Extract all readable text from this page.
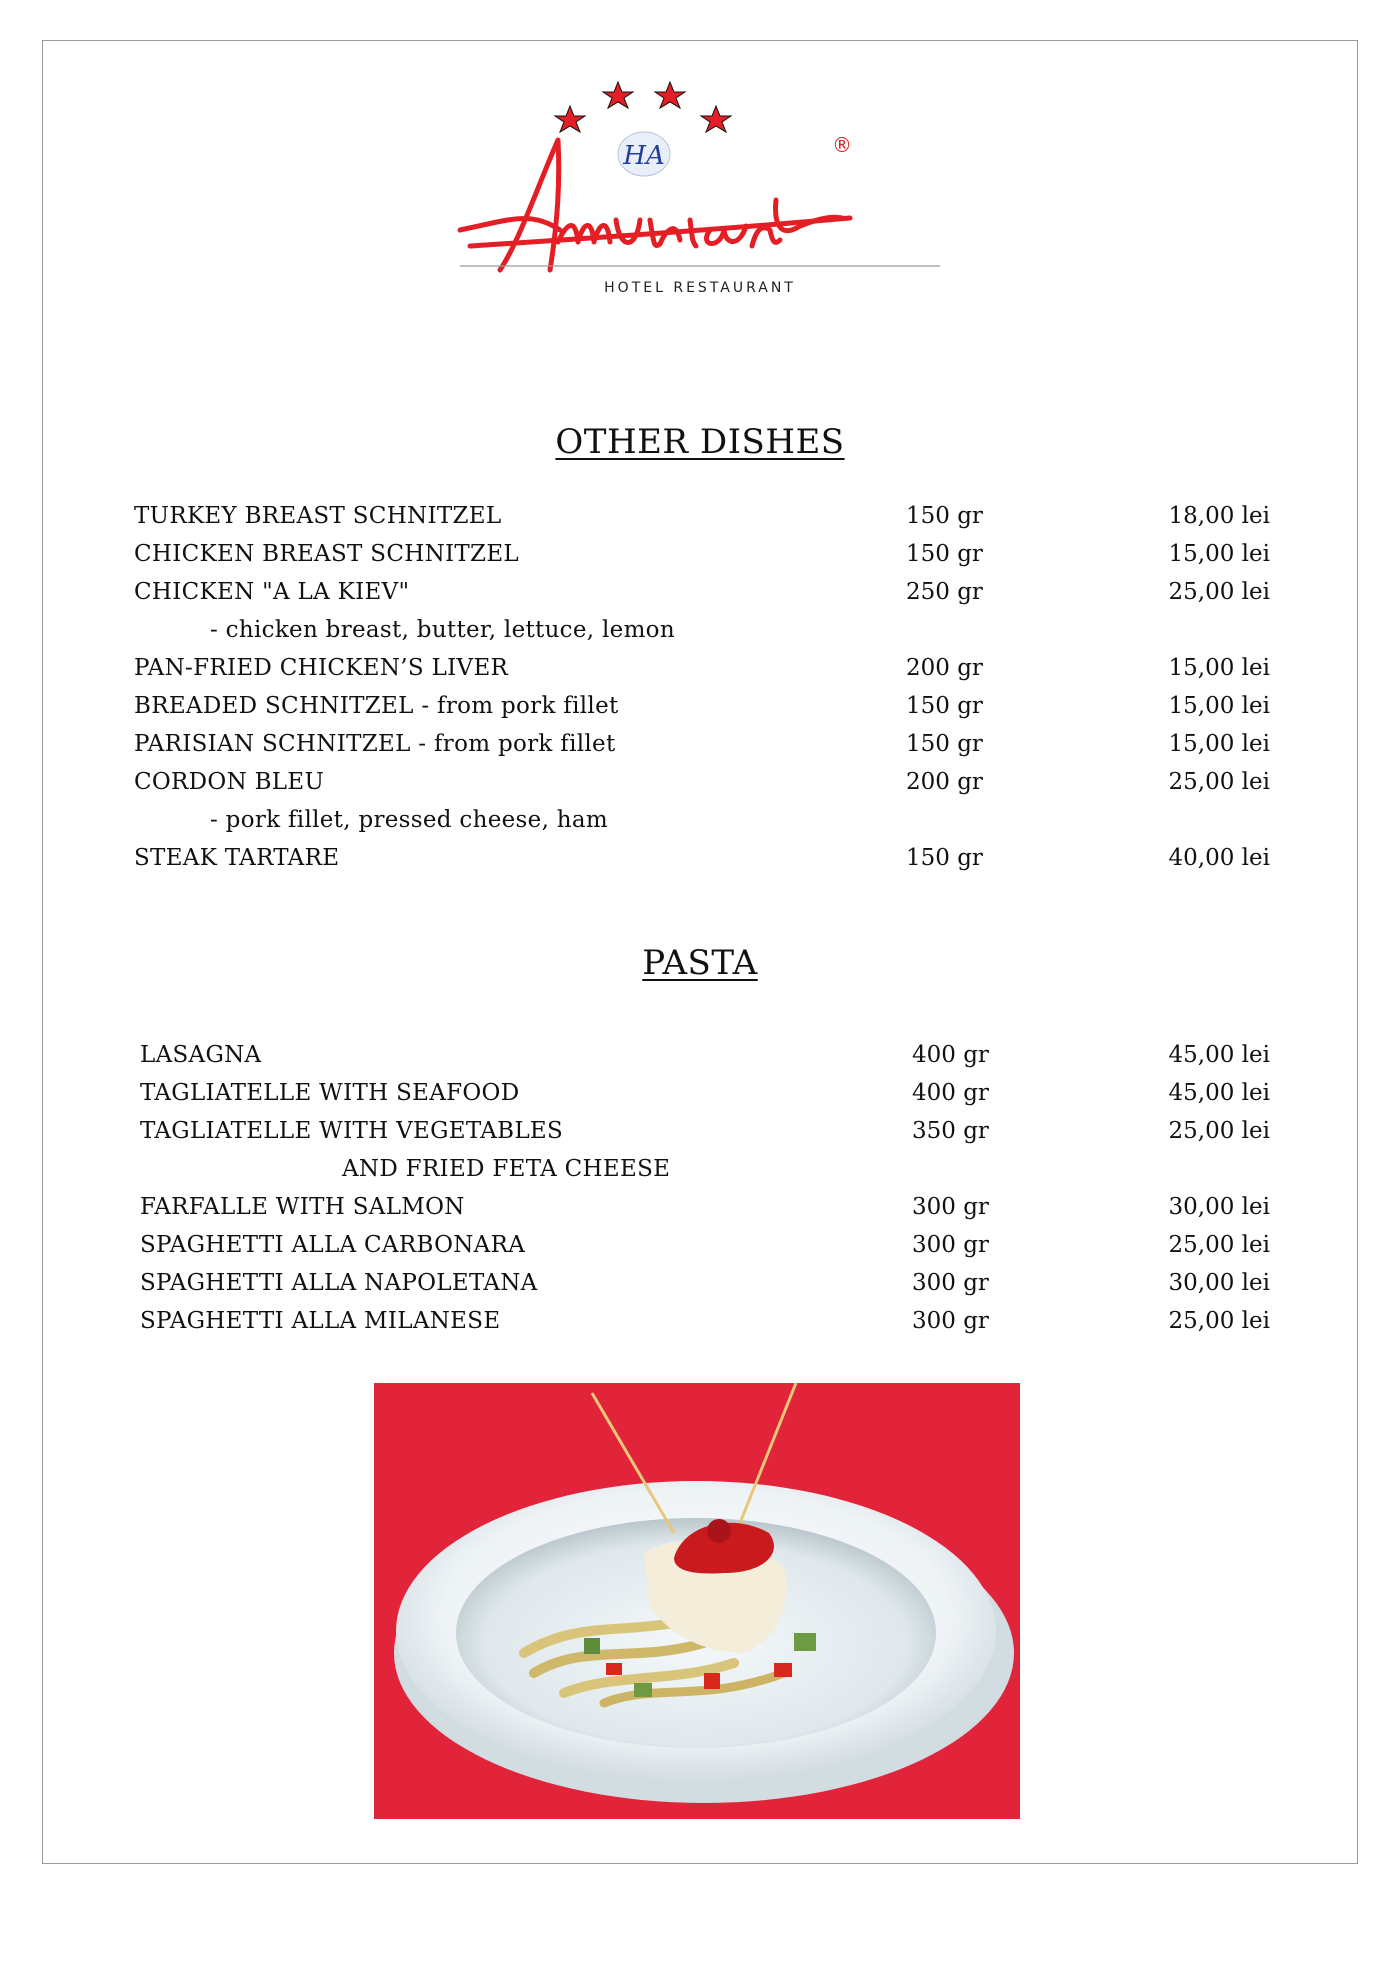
HA	®
HOTEL RESTAURANT
OTHER DISHES
TURKEY BREAST SCHNITZEL	150 gr	18,00 lei
CHICKEN BREAST SCHNITZEL	150 gr	15,00 lei
CHICKEN "A LA KIEV"	250 gr	25,00 lei
- chicken breast, butter, lettuce, lemon
PAN-FRIED CHICKEN’S LIVER	200 gr	15,00 lei
BREADED SCHNITZEL - from pork fillet	150 gr	15,00 lei
PARISIAN SCHNITZEL - from pork fillet	150 gr	15,00 lei
CORDON BLEU	200 gr	25,00 lei
- pork fillet, pressed cheese, ham
STEAK TARTARE	150 gr	40,00 lei
PASTA
LASAGNA	400 gr	45,00 lei
TAGLIATELLE WITH SEAFOOD	400 gr	45,00 lei
TAGLIATELLE WITH VEGETABLES	350 gr	25,00 lei
AND FRIED FETA CHEESE
FARFALLE WITH SALMON	300 gr	30,00 lei
SPAGHETTI ALLA CARBONARA	300 gr	25,00 lei
SPAGHETTI ALLA NAPOLETANA	300 gr	30,00 lei
SPAGHETTI ALLA MILANESE	300 gr	25,00 lei
